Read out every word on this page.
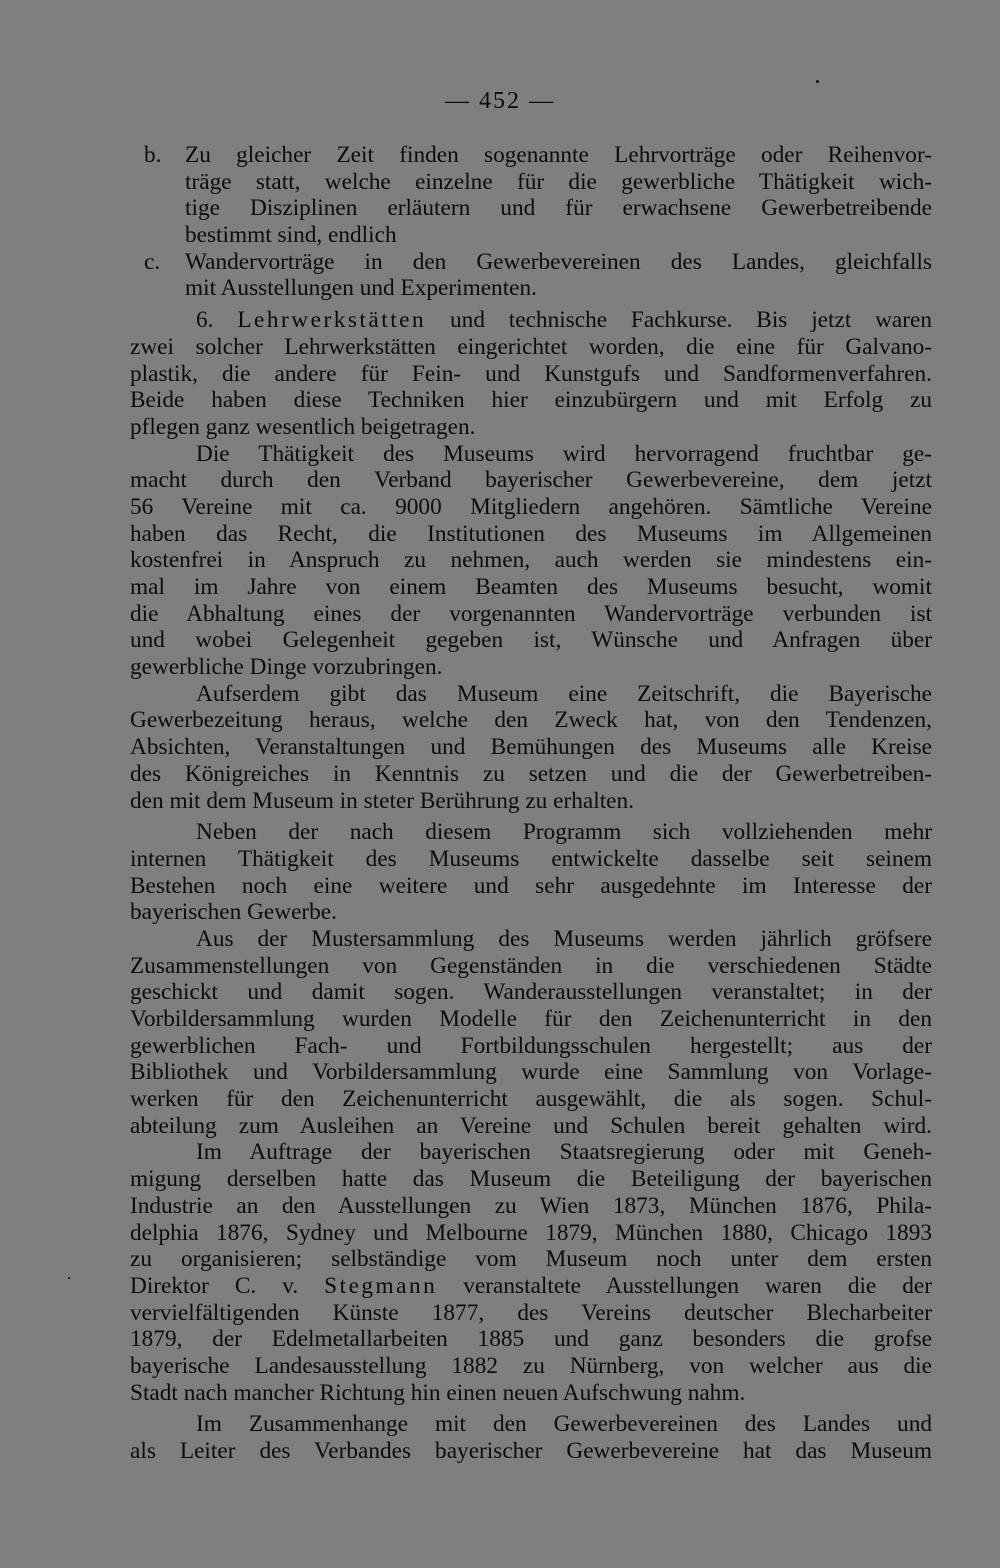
— 452 —
b.	Zu gleicher Zeit finden sogenannte Lehrvorträge oder Reihenvor-
träge statt, welche einzelne für die gewerbliche Thätigkeit wich-
tige Disziplinen erläutern und für erwachsene Gewerbetreibende
bestimmt sind, endlich
c.	Wandervorträge in den Gewerbevereinen des Landes, gleichfalls
mit Ausstellungen und Experimenten.
6. Lehrwerkstätten und technische Fachkurse. Bis jetzt waren
zwei solcher Lehrwerkstätten eingerichtet worden, die eine für Galvano-
plastik, die andere für Fein- und Kunstgufs und Sandformenverfahren.
Beide haben diese Techniken hier einzubürgern und mit Erfolg zu
pflegen ganz wesentlich beigetragen.
Die Thätigkeit des Museums wird hervorragend fruchtbar ge-
macht durch den Verband bayerischer Gewerbevereine, dem jetzt
56 Vereine mit ca. 9000 Mitgliedern angehören. Sämtliche Vereine
haben das Recht, die Institutionen des Museums im Allgemeinen
kostenfrei in Anspruch zu nehmen, auch werden sie mindestens ein-
mal im Jahre von einem Beamten des Museums besucht, womit
die Abhaltung eines der vorgenannten Wandervorträge verbunden ist
und wobei Gelegenheit gegeben ist, Wünsche und Anfragen über
gewerbliche Dinge vorzubringen.
Aufserdem gibt das Museum eine Zeitschrift, die Bayerische
Gewerbezeitung heraus, welche den Zweck hat, von den Tendenzen,
Absichten, Veranstaltungen und Bemühungen des Museums alle Kreise
des Königreiches in Kenntnis zu setzen und die der Gewerbetreiben-
den mit dem Museum in steter Berührung zu erhalten.
Neben der nach diesem Programm sich vollziehenden mehr
internen Thätigkeit des Museums entwickelte dasselbe seit seinem
Bestehen noch eine weitere und sehr ausgedehnte im Interesse der
bayerischen Gewerbe.
Aus der Mustersammlung des Museums werden jährlich gröfsere
Zusammenstellungen von Gegenständen in die verschiedenen Städte
geschickt und damit sogen. Wanderausstellungen veranstaltet; in der
Vorbildersammlung wurden Modelle für den Zeichenunterricht in den
gewerblichen Fach- und Fortbildungsschulen hergestellt; aus der
Bibliothek und Vorbildersammlung wurde eine Sammlung von Vorlage-
werken für den Zeichenunterricht ausgewählt, die als sogen. Schul-
abteilung zum Ausleihen an Vereine und Schulen bereit gehalten wird.
Im Auftrage der bayerischen Staatsregierung oder mit Geneh-
migung derselben hatte das Museum die Beteiligung der bayerischen
Industrie an den Ausstellungen zu Wien 1873, München 1876, Phila-
delphia 1876, Sydney und Melbourne 1879, München 1880, Chicago 1893
zu organisieren; selbständige vom Museum noch unter dem ersten
Direktor C. v. Stegmann veranstaltete Ausstellungen waren die der
vervielfältigenden Künste 1877, des Vereins deutscher Blecharbeiter
1879, der Edelmetallarbeiten 1885 und ganz besonders die grofse
bayerische Landesausstellung 1882 zu Nürnberg, von welcher aus die
Stadt nach mancher Richtung hin einen neuen Aufschwung nahm.
Im Zusammenhange mit den Gewerbevereinen des Landes und
als Leiter des Verbandes bayerischer Gewerbevereine hat das Museum
